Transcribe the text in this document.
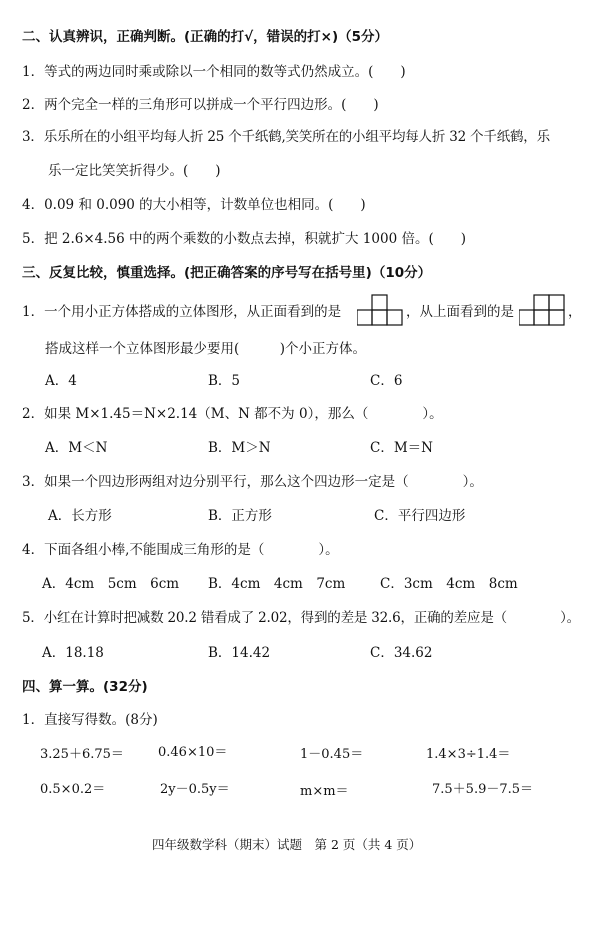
二、认真辨识，正确判断。(正确的打√，错误的打×)（5分）
1．等式的两边同时乘或除以一个相同的数等式仍然成立。(　　)
2．两个完全一样的三角形可以拼成一个平行四边形。(　　)
3．乐乐所在的小组平均每人折 25 个千纸鹤,笑笑所在的小组平均每人折 32 个千纸鹤，乐
乐一定比笑笑折得少。(　　)
4．0.09 和 0.090 的大小相等，计数单位也相同。(　　)
5．把 2.6×4.56 中的两个乘数的小数点去掉，积就扩大 1000 倍。(　　)
三、反复比较，慎重选择。(把正确答案的序号写在括号里)（10分）
1．一个用小正方体搭成的立体图形，从正面看到的是	，从上面看到的是	，
搭成这样一个立体图形最少要用(　　　)个小正方体。
A．4	B．5	C．6
2．如果 M×1.45＝N×2.14（M、N 都不为 0），那么（　　　　）。
A．M＜N	B．M＞N	C．M＝N
3．如果一个四边形两组对边分别平行，那么这个四边形一定是（　　　　）。
A．长方形	B．正方形	C．平行四边形
4．下面各组小棒,不能围成三角形的是（　　　　）。
A．4cm　5cm　6cm B．4cm　4cm　7cm	C．3cm　4cm　8cm
5．小红在计算时把减数 20.2 错看成了 2.02，得到的差是 32.6，正确的差应是（　　　　）。
A．18.18	B．14.42	C．34.62
四、算一算。(32分)
1．直接写得数。(8分)
3.25＋6.75＝	0.46×10＝	1－0.45＝	1.4×3÷1.4＝
0.5×0.2＝	2y－0.5y＝	m×m＝	7.5＋5.9－7.5＝
四年级数学科（期末）试题　第 2 页（共 4 页）
